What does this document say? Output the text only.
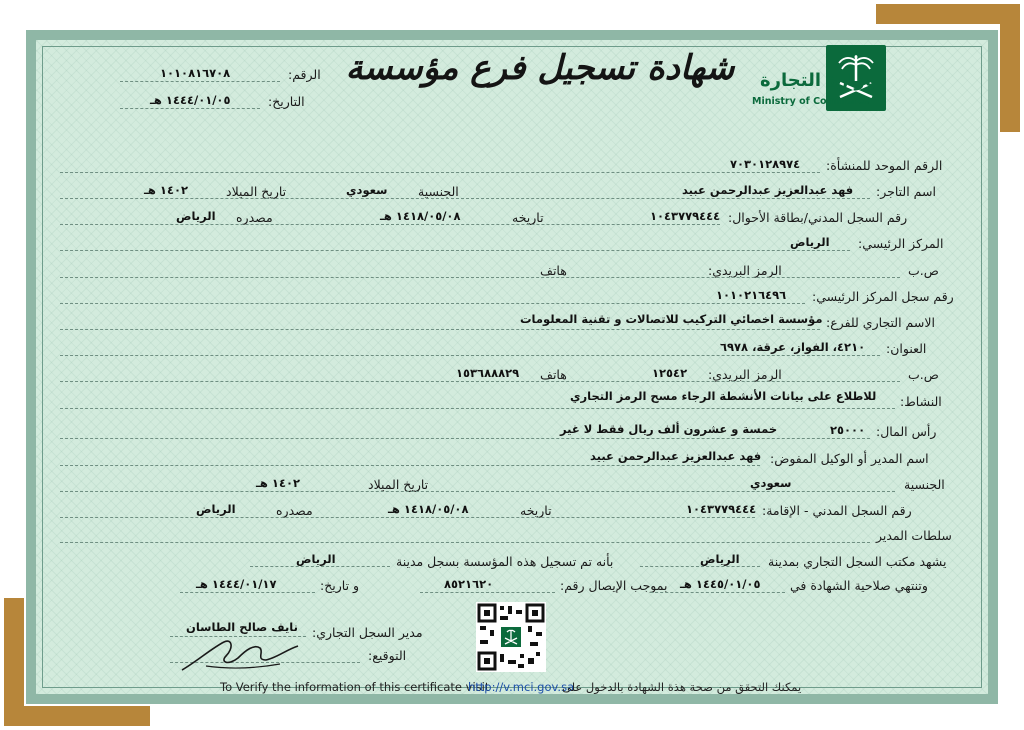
شهادة تسجيل فرع مؤسسة	وزارة التجارة
Ministry of Commerce
الرقم:
١٠١٠٨١٦٧٠٨
التاريخ:
١٤٤٤/٠١/٠٥ هـ
الرقم الموحد للمنشأة:
٧٠٣٠١٢٨٩٧٤
اسم التاجر:
فهد عبدالعزيز عبدالرحمن عبيد
الجنسية
سعودي
تاريخ الميلاد
١٤٠٢ هـ
رقم السجل المدني/بطاقة الأحوال:
١٠٤٣٧٧٩٤٤٤
تاريخه
١٤١٨/٠٥/٠٨ هـ
مصدره
الرياض
المركز الرئيسي:
الرياض
ص.ب
الرمز البريدي:
هاتف
رقم سجل المركز الرئيسي:
١٠١٠٢١٦٤٩٦
الاسم التجاري للفرع:
مؤسسة اخصائي التركيب للاتصالات و تقنية المعلومات
العنوان:
٤٢١٠، الفواز، عرقة، ٦٩٧٨
ص.ب
الرمز البريدي:
١٢٥٤٢
هاتف
١٥٣٦٨٨٨٢٩
النشاط:
للاطلاع على بيانات الأنشطة الرجاء مسح الرمز التجاري
رأس المال:
٢٥٠٠٠
خمسة و عشرون ألف ريال فقط لا غير
اسم المدير أو الوكيل المفوض:
فهد عبدالعزيز عبدالرحمن عبيد
الجنسية
سعودي
تاريخ الميلاد
١٤٠٢ هـ
رقم السجل المدني - الإقامة:
١٠٤٣٧٧٩٤٤٤
تاريخه
١٤١٨/٠٥/٠٨ هـ
مصدره
الرياض
سلطات المدير
يشهد مكتب السجل التجاري بمدينة
الرياض
بأنه تم تسجيل هذه المؤسسة بسجل مدينة
الرياض
وتنتهي صلاحية الشهادة في
١٤٤٥/٠١/٠٥ هـ
بموجب الإيصال رقم:
٨٥٢١٦٢٠
و تاريخ:
١٤٤٤/٠١/١٧ هـ
مدير السجل التجاري:
نايف صالح الطاسان
التوقيع:
To Verify the information of this certificate visit
http://v.mci.gov.sa
يمكنك التحقق من صحة هذة الشهادة بالدخول على
